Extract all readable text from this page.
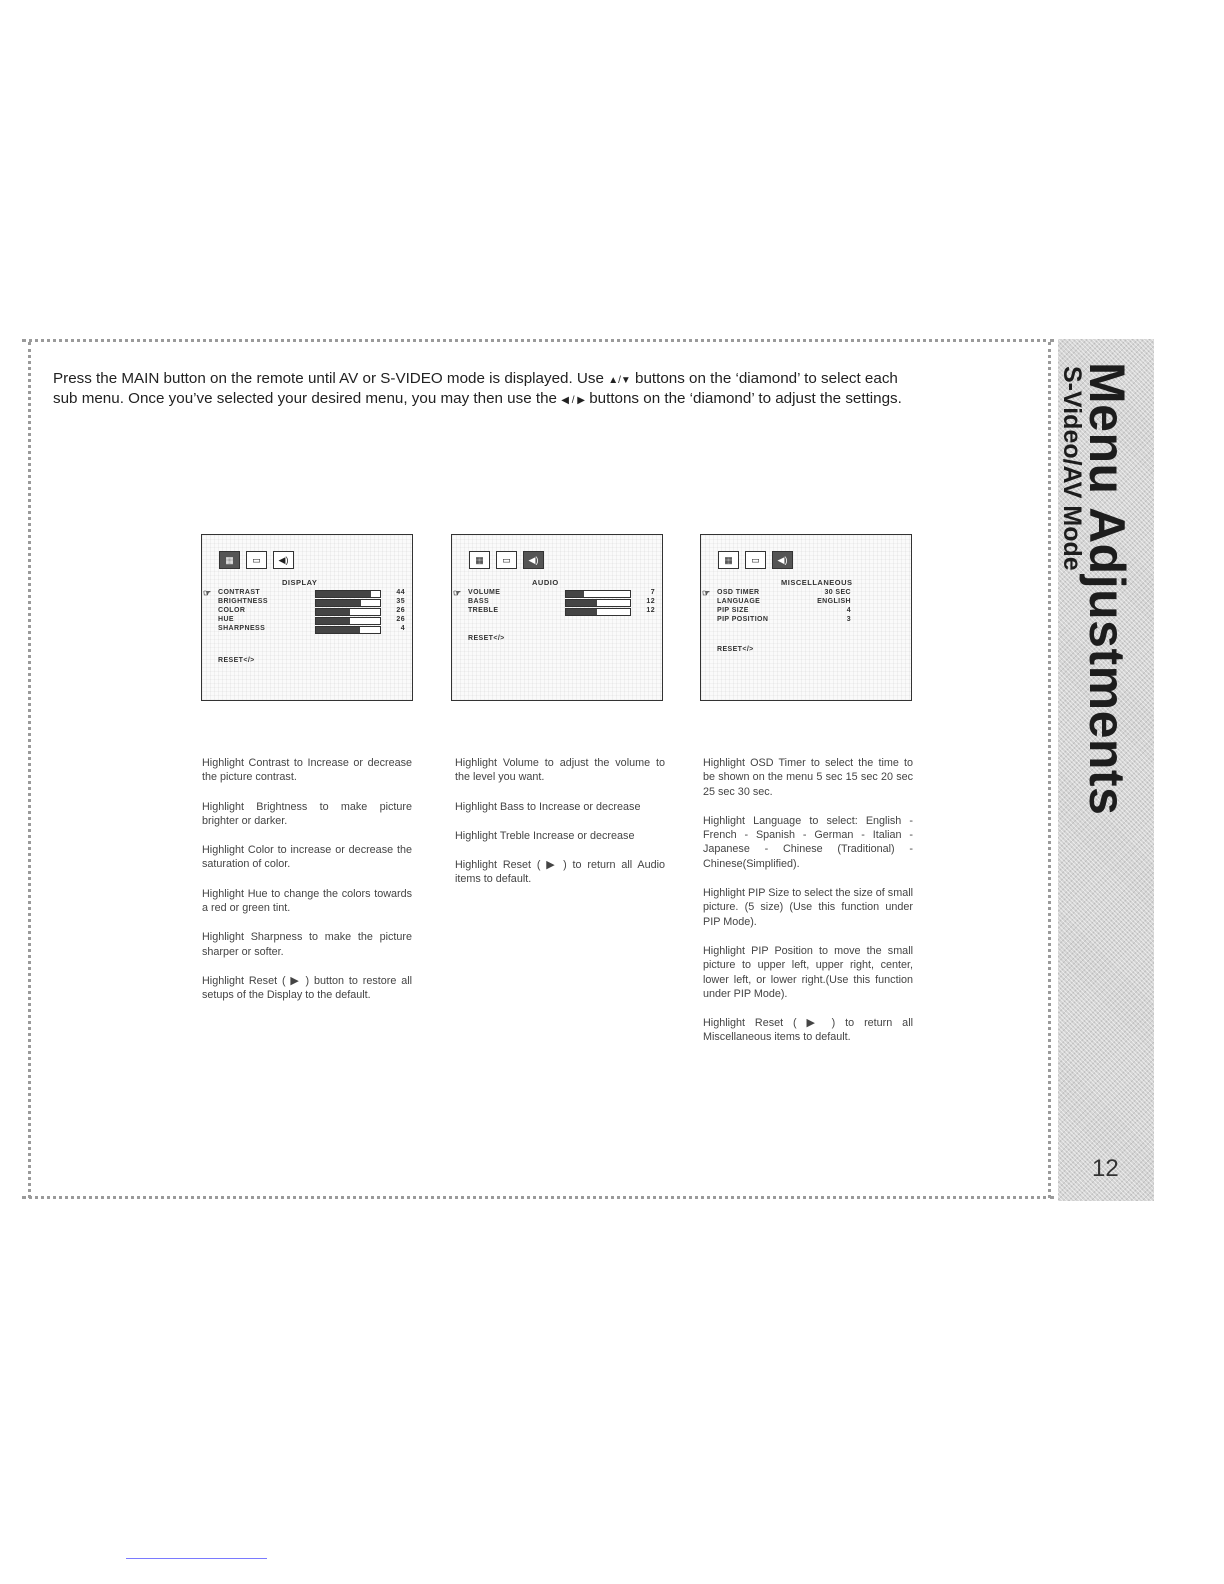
Menu Adjustments
S-Video/AV Mode
12
Press the MAIN button on the remote until AV or S-VIDEO mode is displayed. Use ▲/▼ buttons on the ‘diamond’ to select each sub menu. Once you’ve selected your desired menu, you may then use the ◀ / ▶ buttons on the ‘diamond’ to adjust the settings.
▦	▭	◀)
DISPLAY
☞ CONTRAST	44
BRIGHTNESS	35
COLOR	26
HUE	26
SHARPNESS	4
RESET</>
▦	▭	◀)
AUDIO
☞ VOLUME	7
BASS	12
TREBLE	12
RESET</>
▦	▭	◀)
MISCELLANEOUS
☞ OSD TIMER	30 SEC
LANGUAGE	ENGLISH
PIP SIZE	4
PIP POSITION	3
RESET</>

Highlight Contrast to Increase or decrease the picture contrast.

Highlight Brightness to make picture brighter or darker.

Highlight Color to increase or decrease the saturation of color.

Highlight Hue to change the colors towards a red or green tint.

Highlight Sharpness to make the picture sharper or softer.

Highlight Reset ( ▶ ) button to restore all setups of the Display to the default.

Highlight Volume to adjust the volume to the level you want.

Highlight Bass to Increase or decrease

Highlight Treble Increase or decrease

Highlight Reset ( ▶ ) to return all Audio items to default.

Highlight OSD Timer to select the time to be shown on the menu 5 sec 15 sec 20 sec 25 sec 30 sec.

Highlight Language to select: English - French - Spanish - German - Italian - Japanese - Chinese (Traditional) - Chinese(Simplified).

Highlight PIP Size to select the size of small picture. (5 size) (Use this function under PIP Mode).

Highlight PIP Position to move the small picture to upper left, upper right, center, lower left, or lower right.(Use this function under PIP Mode).

Highlight Reset ( ▶ ) to return all Miscellaneous items to default.
